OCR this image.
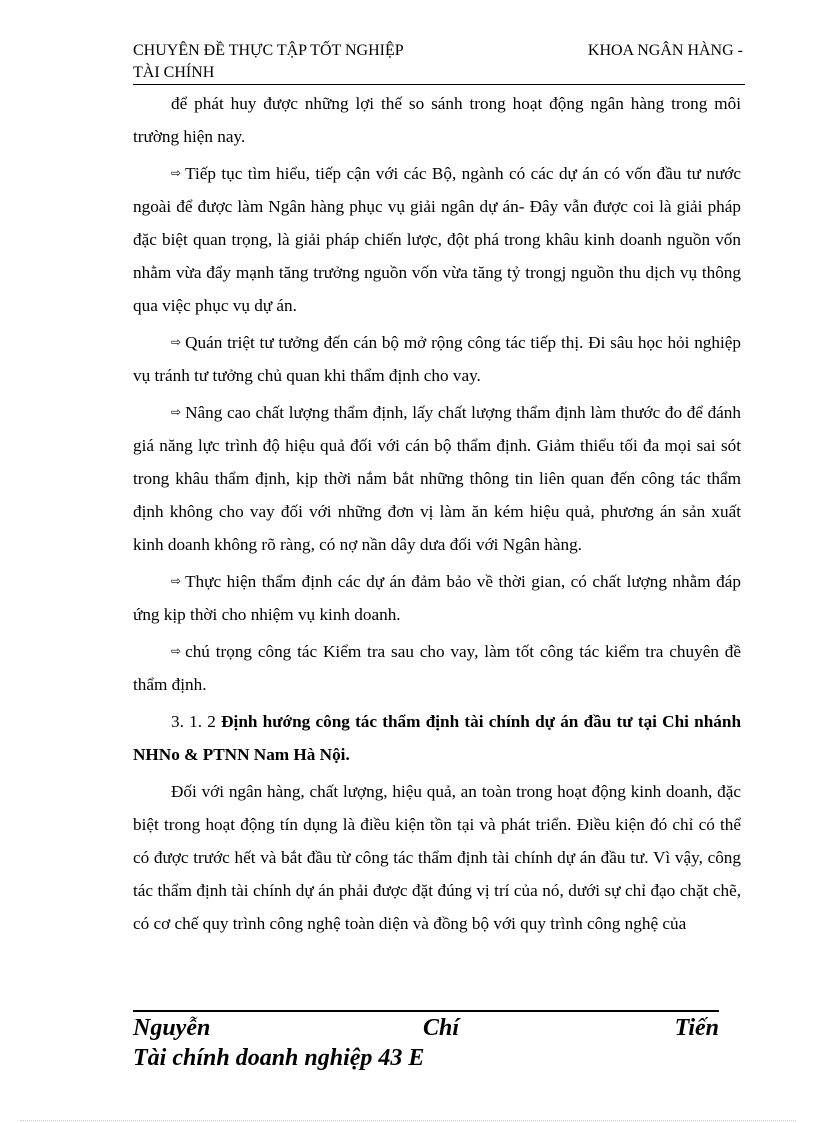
CHUYÊN ĐỀ THỰC TẬP TỐT NGHIỆP	KHOA NGÂN HÀNG -
TÀI CHÍNH

để phát huy được những lợi thế so sánh trong hoạt động ngân hàng trong môi trường hiện nay.

⇨ Tiếp tục tìm hiểu, tiếp cận với các Bộ, ngành có các dự án có vốn đầu tư nước ngoài để được làm Ngân hàng phục vụ giải ngân dự án- Đây vẫn được coi là giải pháp đặc biệt quan trọng, là giải pháp chiến lược, đột phá trong khâu kinh doanh nguồn vốn nhằm vừa đẩy mạnh tăng trưởng nguồn vốn vừa tăng tỷ trongj nguồn thu dịch vụ thông qua việc phục vụ dự án.

⇨ Quán triệt tư tưởng đến cán bộ mở rộng công tác tiếp thị. Đi sâu học hỏi nghiệp vụ tránh tư tưởng chủ quan khi thẩm định cho vay.

⇨ Nâng cao chất lượng thẩm định, lấy chất lượng thẩm định làm thước đo để đánh giá năng lực trình độ hiệu quả đối với cán bộ thẩm định. Giảm thiểu tối đa mọi sai sót trong khâu thẩm định, kịp thời nắm bắt những thông tin liên quan đến công tác thẩm định không cho vay đối với những đơn vị làm ăn kém hiệu quả, phương án sản xuất kinh doanh không rõ ràng, có nợ nần dây dưa đối với Ngân hàng.

⇨ Thực hiện thẩm định các dự án đảm bảo về thời gian, có chất lượng nhằm đáp ứng kịp thời cho nhiệm vụ kinh doanh.

⇨ chú trọng công tác Kiểm tra sau cho vay, làm tốt công tác kiểm tra chuyên đề thẩm định.

3. 1. 2 Định hướng công tác thẩm định tài chính dự án đầu tư tại Chi nhánh NHNo & PTNN Nam Hà Nội.

Đối với ngân hàng, chất lượng, hiệu quả, an toàn trong hoạt động kinh doanh, đặc biệt trong hoạt động tín dụng là điều kiện tồn tại và phát triển. Điều kiện đó chỉ có thể có được trước hết và bắt đầu từ công tác thẩm định tài chính dự án đầu tư. Vì vậy, công tác thẩm định tài chính dự án phải được đặt đúng vị trí của nó, dưới sự chỉ đạo chặt chẽ, có cơ chế quy trình công nghệ toàn diện và đồng bộ với quy trình công nghệ của

Nguyễn	Chí	Tiến
Tài chính doanh nghiệp 43 E
